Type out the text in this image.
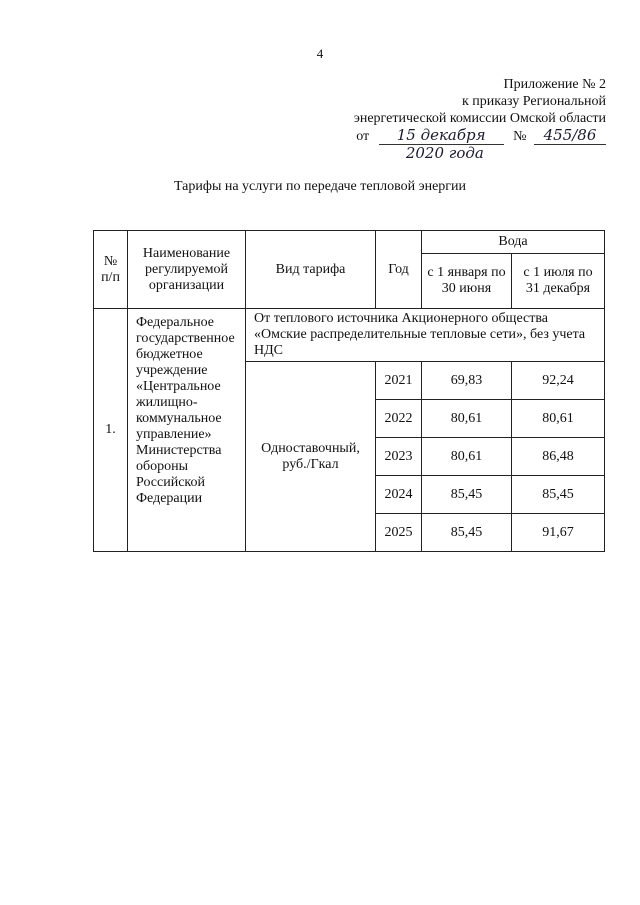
4
Приложение № 2
к приказу Региональной
энергетической комиссии Омской области
от 15 декабря № 455/86
2020 года
Тарифы на услуги по передаче тепловой энергии
№ п/п	Наименование регулируемой организации	Вид тарифа	Год	Вода	
				с 1 января по 30 июня	с 1 июля по 31 декабря
1.	Федеральное государственное бюджетное учреждение «Центральное жилищно-коммунальное управление» Министерства обороны Российской Федерации	От теплового источника Акционерного общества «Омские распределительные тепловые сети», без учета НДС			
		Одноставочный, руб./Гкал	2021	69,83	92,24
			2022	80,61	80,61
			2023	80,61	86,48
			2024	85,45	85,45
			2025	85,45	91,67
